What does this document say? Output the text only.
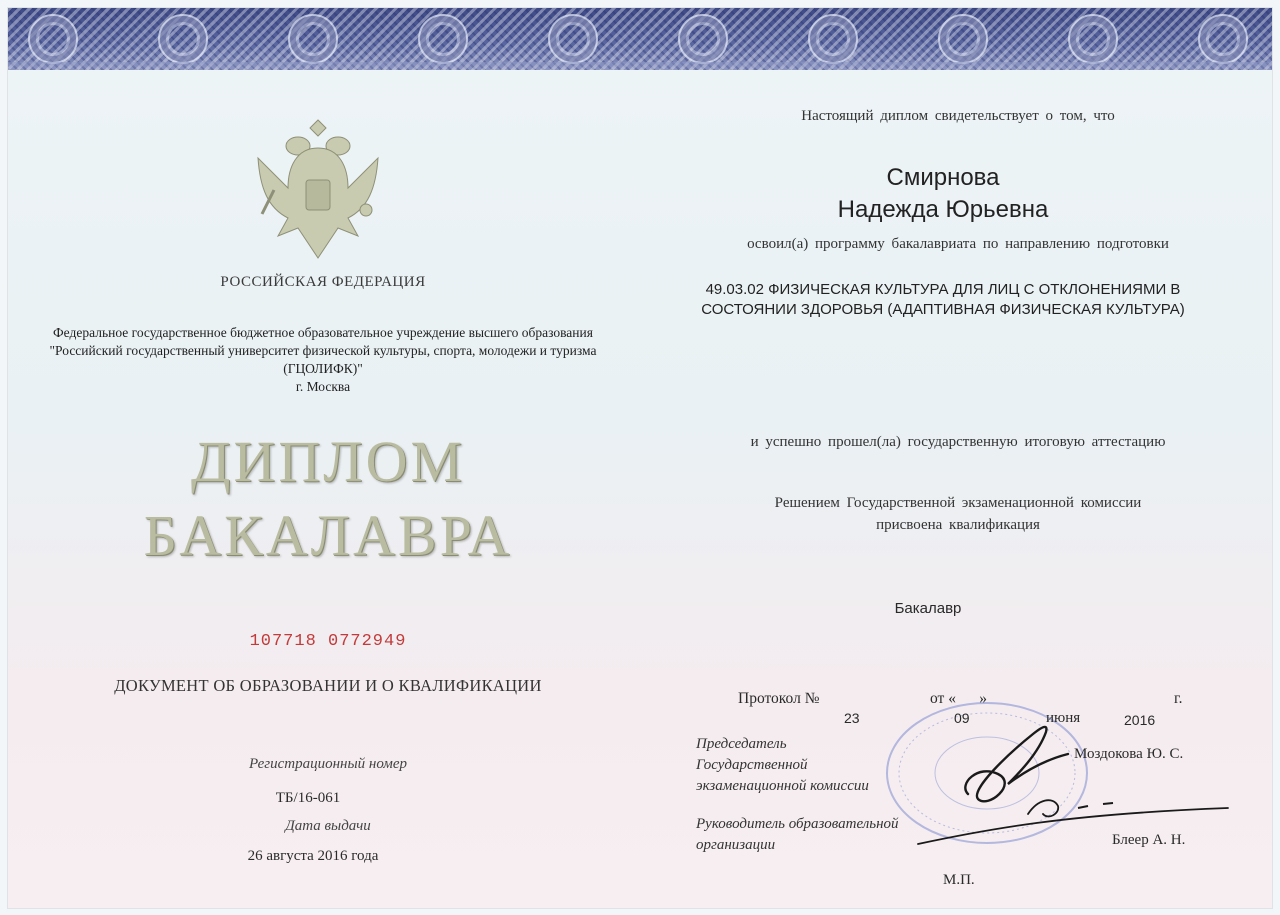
РОССИЙСКАЯ ФЕДЕРАЦИЯ
Федеральное государственное бюджетное образовательное учреждение высшего образования
"Российский государственный университет физической культуры, спорта, молодежи и туризма
(ГЦОЛИФК)"
г. Москва
ДИПЛОМ
БАКАЛАВРА
107718 0772949
ДОКУМЕНТ ОБ ОБРАЗОВАНИИ И О КВАЛИФИКАЦИИ
Регистрационный номер
ТБ/16-061
Дата выдачи
26 августа 2016 года
Настоящий диплом свидетельствует о том, что
Смирнова
Надежда Юрьевна
освоил(а) программу бакалавриата по направлению подготовки
49.03.02 ФИЗИЧЕСКАЯ КУЛЬТУРА ДЛЯ ЛИЦ С ОТКЛОНЕНИЯМИ В
СОСТОЯНИИ ЗДОРОВЬЯ (АДАПТИВНАЯ ФИЗИЧЕСКАЯ КУЛЬТУРА)
и успешно прошел(ла) государственную итоговую аттестацию
Решением Государственной экзаменационной комиссии
присвоена квалификация
Бакалавр
Протокол №
23
от «      »
09	июня	2016
г.
Председатель
Государственной
экзаменационной комиссии
Моздокова Ю. С.
Руководитель образовательной
организации	Блеер А. Н.
М.П.
